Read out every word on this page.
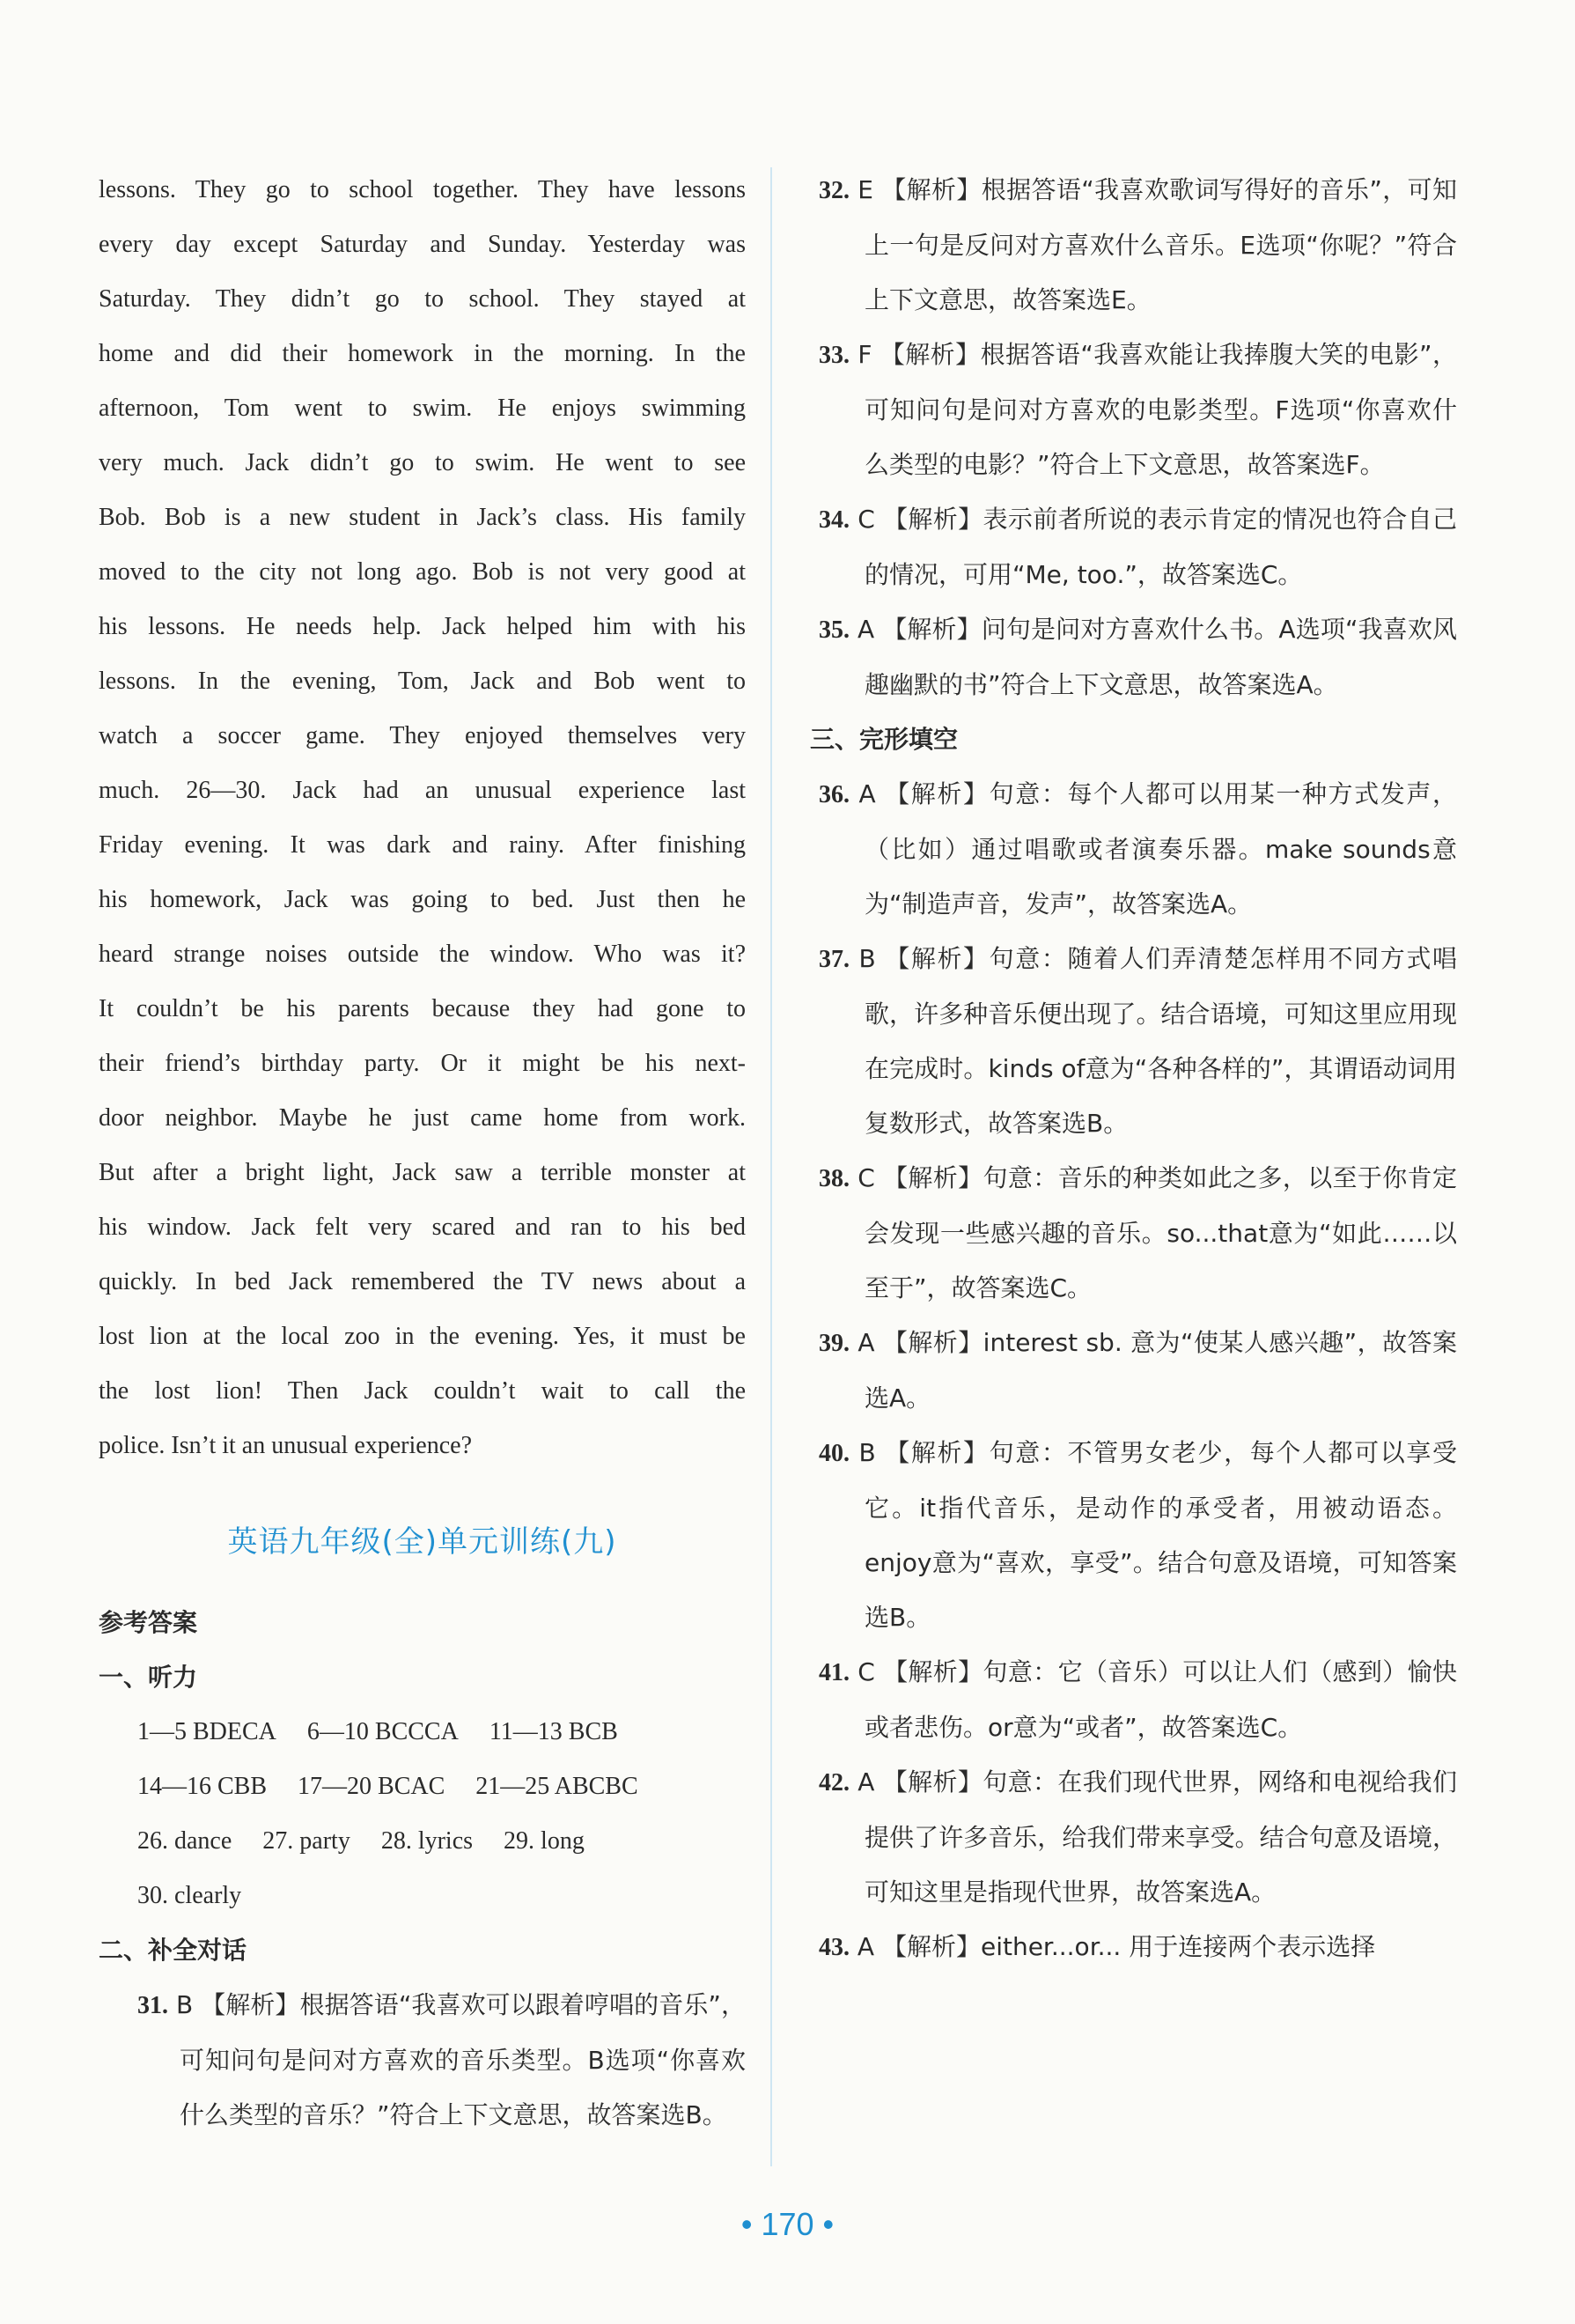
lessons. They go to school together. They have lessons

every day except Saturday and Sunday. Yesterday was

Saturday. They didn’t go to school. They stayed at

home and did their homework in the morning. In the

afternoon, Tom went to swim. He enjoys swimming

very much. Jack didn’t go to swim. He went to see

Bob. Bob is a new student in Jack’s class. His family

moved to the city not long ago. Bob is not very good at

his lessons. He needs help. Jack helped him with his

lessons. In the evening, Tom, Jack and Bob went to

watch a soccer game. They enjoyed themselves very

much. 26—30. Jack had an unusual experience last

Friday evening. It was dark and rainy. After finishing

his homework, Jack was going to bed. Just then he

heard strange noises outside the window. Who was it?

It couldn’t be his parents because they had gone to

their friend’s birthday party. Or it might be his next-

door neighbor. Maybe he just came home from work.

But after a bright light, Jack saw a terrible monster at

his window. Jack felt very scared and ran to his bed

quickly. In bed Jack remembered the TV news about a

lost lion at the local zoo in the evening. Yes, it must be

the lost lion! Then Jack couldn’t wait to call the

police. Isn’t it an unusual experience?

英语九年级(全)单元训练(九)
参考答案
一、听力
1—5 BDECA 6—10 BCCCA 11—13 BCB
14—16 CBB 17—20 BCAC 21—25 ABCBC
26. dance 27. party 28. lyrics 29. long
30. clearly
二、补全对话
31. B 【解析】根据答语“我喜欢可以跟着哼唱的音乐”，可知问句是问对方喜欢的音乐类型。B选项“你喜欢什么类型的音乐？”符合上下文意思，故答案选B。
32. E 【解析】根据答语“我喜欢歌词写得好的音乐”，可知上一句是反问对方喜欢什么音乐。E选项“你呢？”符合上下文意思，故答案选E。
33. F 【解析】根据答语“我喜欢能让我捧腹大笑的电影”，可知问句是问对方喜欢的电影类型。F选项“你喜欢什么类型的电影？”符合上下文意思，故答案选F。
34. C 【解析】表示前者所说的表示肯定的情况也符合自己的情况，可用“Me, too.”，故答案选C。
35. A 【解析】问句是问对方喜欢什么书。A选项“我喜欢风趣幽默的书”符合上下文意思，故答案选A。
三、完形填空
36. A 【解析】句意：每个人都可以用某一种方式发声，（比如）通过唱歌或者演奏乐器。make sounds意为“制造声音，发声”，故答案选A。
37. B 【解析】句意：随着人们弄清楚怎样用不同方式唱歌，许多种音乐便出现了。结合语境，可知这里应用现在完成时。kinds of意为“各种各样的”，其谓语动词用复数形式，故答案选B。
38. C 【解析】句意：音乐的种类如此之多，以至于你肯定会发现一些感兴趣的音乐。so...that意为“如此……以至于”，故答案选C。
39. A 【解析】interest sb. 意为“使某人感兴趣”，故答案选A。
40. B 【解析】句意：不管男女老少，每个人都可以享受它。it指代音乐，是动作的承受者，用被动语态。enjoy意为“喜欢，享受”。结合句意及语境，可知答案选B。
41. C 【解析】句意：它（音乐）可以让人们（感到）愉快或者悲伤。or意为“或者”，故答案选C。
42. A 【解析】句意：在我们现代世界，网络和电视给我们提供了许多音乐，给我们带来享受。结合句意及语境，可知这里是指现代世界，故答案选A。
43. A 【解析】either...or... 用于连接两个表示选择
• 170 •
